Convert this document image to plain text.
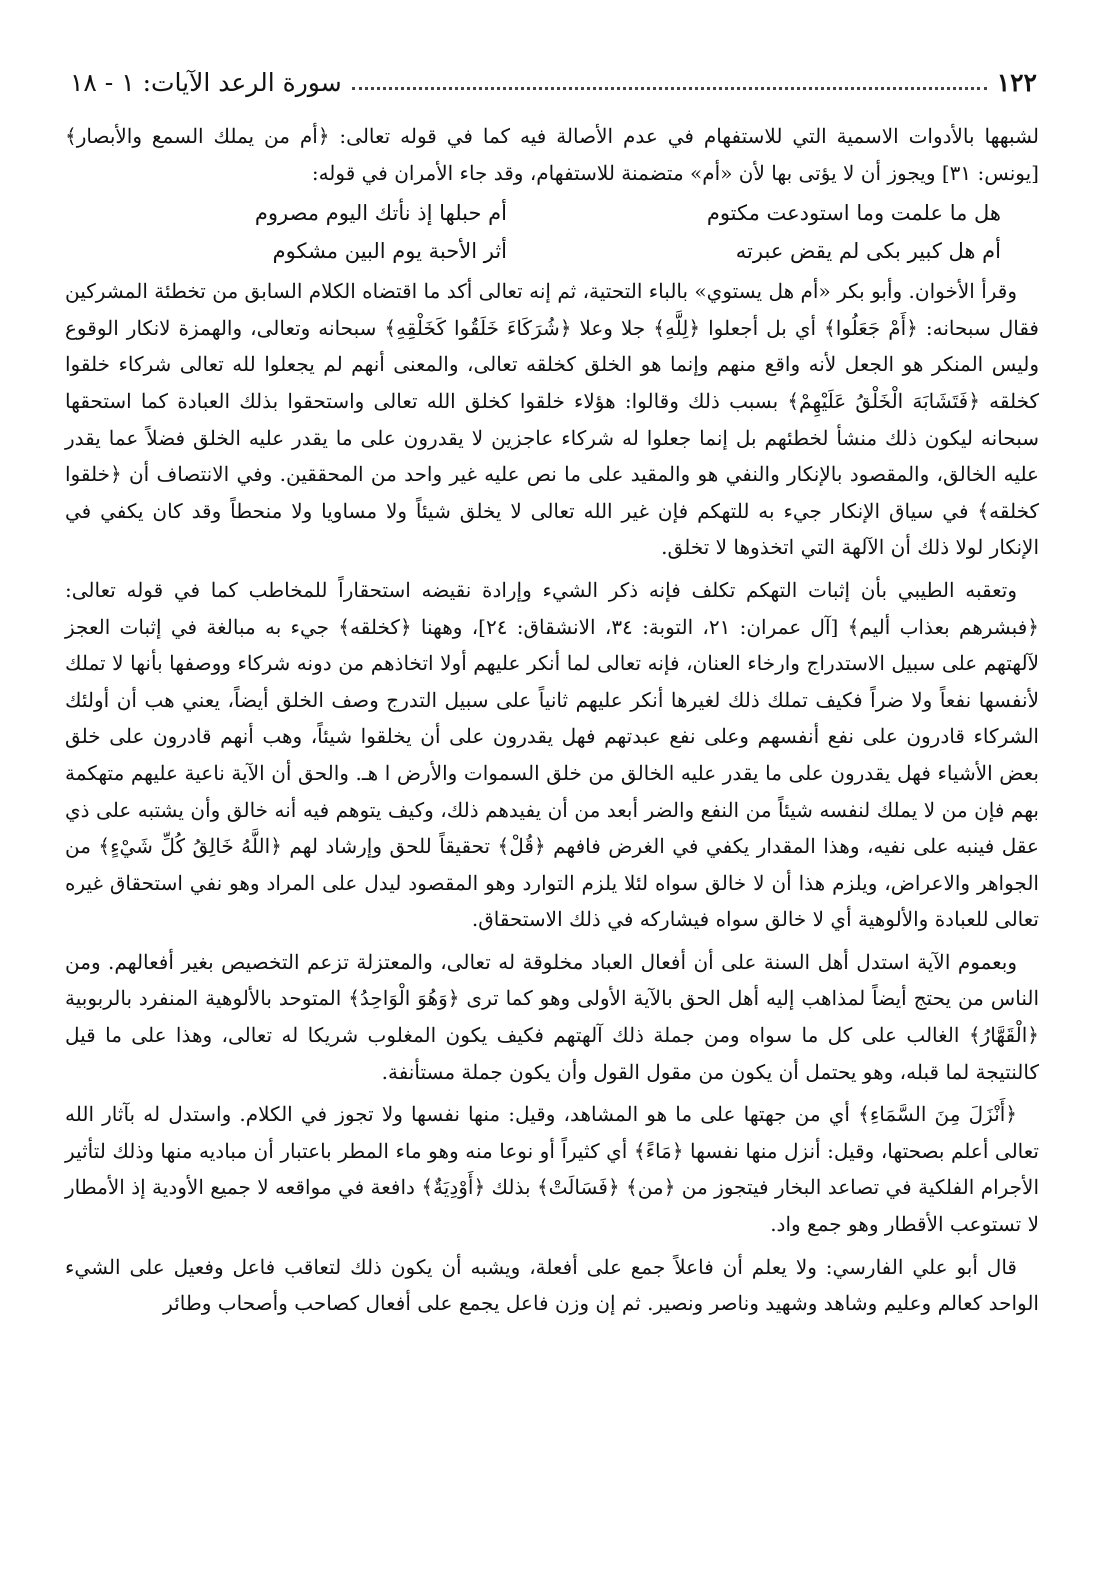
١٢٢
سورة الرعد الآيات: ١ - ١٨

لشبهها بالأدوات الاسمية التي للاستفهام في عدم الأصالة فيه كما في قوله تعالى: ﴿أم من يملك السمع والأبصار﴾ [يونس: ٣١] ويجوز أن لا يؤتى بها لأن «أم» متضمنة للاستفهام، وقد جاء الأمران في قوله:

هل ما علمت وما استودعت مكتوم
أم حبلها إذ نأتك اليوم مصروم
أم هل كبير بكى لم يقض عبرته
أثر الأحبة يوم البين مشكوم

وقرأ الأخوان. وأبو بكر «أم هل يستوي» بالباء التحتية، ثم إنه تعالى أكد ما اقتضاه الكلام السابق من تخطئة المشركين فقال سبحانه: ﴿أَمْ جَعَلُوا﴾ أي بل أجعلوا ﴿لِلَّهِ﴾ جلا وعلا ﴿شُرَكَاءَ خَلَقُوا كَخَلْقِهِ﴾ سبحانه وتعالى، والهمزة لانكار الوقوع وليس المنكر هو الجعل لأنه واقع منهم وإنما هو الخلق كخلقه تعالى، والمعنى أنهم لم يجعلوا لله تعالى شركاء خلقوا كخلقه ﴿فَتَشَابَهَ الْخَلْقُ عَلَيْهِمْ﴾ بسبب ذلك وقالوا: هؤلاء خلقوا كخلق الله تعالى واستحقوا بذلك العبادة كما استحقها سبحانه ليكون ذلك منشأ لخطئهم بل إنما جعلوا له شركاء عاجزين لا يقدرون على ما يقدر عليه الخلق فضلاً عما يقدر عليه الخالق، والمقصود بالإنكار والنفي هو والمقيد على ما نص عليه غير واحد من المحققين. وفي الانتصاف أن ﴿خلقوا كخلقه﴾ في سياق الإنكار جيء به للتهكم فإن غير الله تعالى لا يخلق شيئاً ولا مساويا ولا منحطاً وقد كان يكفي في الإنكار لولا ذلك أن الآلهة التي اتخذوها لا تخلق.

وتعقبه الطيبي بأن إثبات التهكم تكلف فإنه ذكر الشيء وإرادة نقيضه استحقاراً للمخاطب كما في قوله تعالى: ﴿فبشرهم بعذاب أليم﴾ [آل عمران: ٢١، التوبة: ٣٤، الانشقاق: ٢٤]، وههنا ﴿كخلقه﴾ جيء به مبالغة في إثبات العجز لآلهتهم على سبيل الاستدراج وارخاء العنان، فإنه تعالى لما أنكر عليهم أولا اتخاذهم من دونه شركاء ووصفها بأنها لا تملك لأنفسها نفعاً ولا ضراً فكيف تملك ذلك لغيرها أنكر عليهم ثانياً على سبيل التدرج وصف الخلق أيضاً، يعني هب أن أولئك الشركاء قادرون على نفع أنفسهم وعلى نفع عبدتهم فهل يقدرون على أن يخلقوا شيئاً، وهب أنهم قادرون على خلق بعض الأشياء فهل يقدرون على ما يقدر عليه الخالق من خلق السموات والأرض ا هـ. والحق أن الآية ناعية عليهم متهكمة بهم فإن من لا يملك لنفسه شيئاً من النفع والضر أبعد من أن يفيدهم ذلك، وكيف يتوهم فيه أنه خالق وأن يشتبه على ذي عقل فينبه على نفيه، وهذا المقدار يكفي في الغرض فافهم ﴿قُلْ﴾ تحقيقاً للحق وإرشاد لهم ﴿اللَّهُ خَالِقُ كُلِّ شَيْءٍ﴾ من الجواهر والاعراض، ويلزم هذا أن لا خالق سواه لئلا يلزم التوارد وهو المقصود ليدل على المراد وهو نفي استحقاق غيره تعالى للعبادة والألوهية أي لا خالق سواه فيشاركه في ذلك الاستحقاق.

وبعموم الآية استدل أهل السنة على أن أفعال العباد مخلوقة له تعالى، والمعتزلة تزعم التخصيص بغير أفعالهم. ومن الناس من يحتج أيضاً لمذاهب إليه أهل الحق بالآية الأولى وهو كما ترى ﴿وَهُوَ الْوَاحِدُ﴾ المتوحد بالألوهية المنفرد بالربوبية ﴿الْقَهَّارُ﴾ الغالب على كل ما سواه ومن جملة ذلك آلهتهم فكيف يكون المغلوب شريكا له تعالى، وهذا على ما قيل كالنتيجة لما قبله، وهو يحتمل أن يكون من مقول القول وأن يكون جملة مستأنفة.

﴿أَنْزَلَ مِنَ السَّمَاءِ﴾ أي من جهتها على ما هو المشاهد، وقيل: منها نفسها ولا تجوز في الكلام. واستدل له بآثار الله تعالى أعلم بصحتها، وقيل: أنزل منها نفسها ﴿مَاءً﴾ أي كثيراً أو نوعا منه وهو ماء المطر باعتبار أن مباديه منها وذلك لتأثير الأجرام الفلكية في تصاعد البخار فيتجوز من ﴿من﴾ ﴿فَسَالَتْ﴾ بذلك ﴿أَوْدِيَةٌ﴾ دافعة في مواقعه لا جميع الأودية إذ الأمطار لا تستوعب الأقطار وهو جمع واد.

قال أبو علي الفارسي: ولا يعلم أن فاعلاً جمع على أفعلة، ويشبه أن يكون ذلك لتعاقب فاعل وفعيل على الشيء الواحد كعالم وعليم وشاهد وشهيد وناصر ونصير. ثم إن وزن فاعل يجمع على أفعال كصاحب وأصحاب وطائر
